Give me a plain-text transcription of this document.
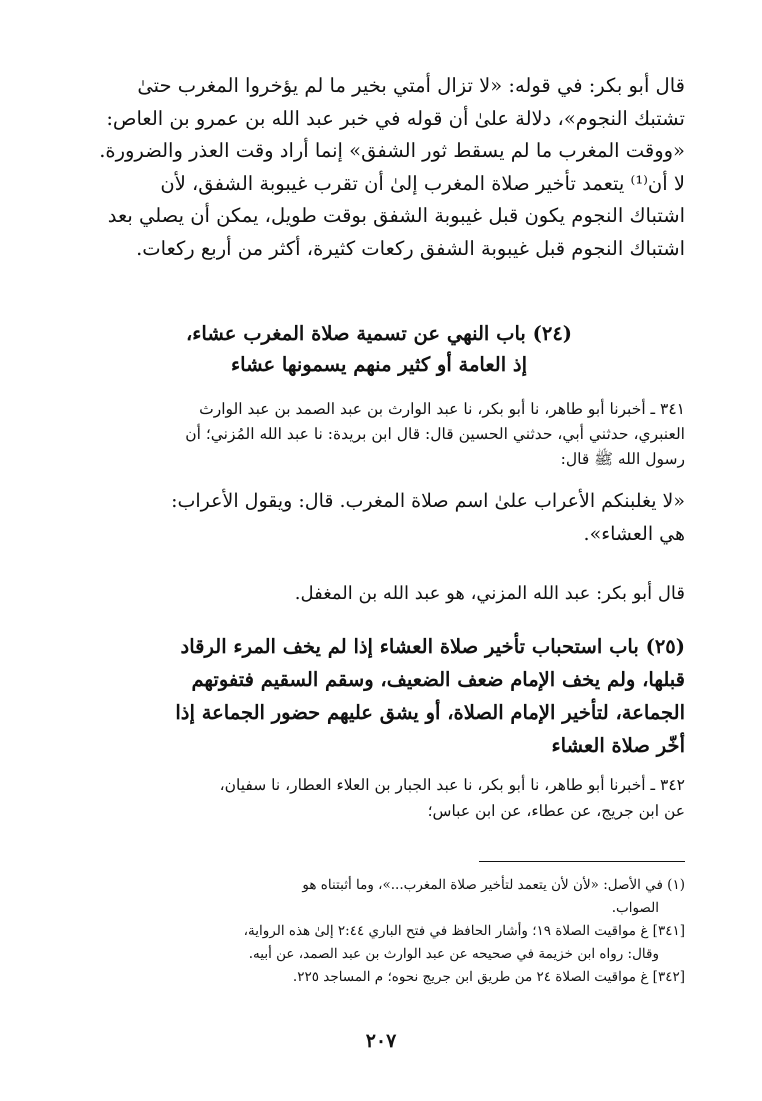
قال أبو بكر: في قوله: «لا تزال أمتي بخير ما لم يؤخروا المغرب حتىٰ
تشتبك النجوم»، دلالة علىٰ أن قوله في خبر عبد الله بن عمرو بن العاص:
«ووقت المغرب ما لم يسقط ثور الشفق» إنما أراد وقت العذر والضرورة.
لا أن⁽¹⁾ يتعمد تأخير صلاة المغرب إلىٰ أن تقرب غيبوبة الشفق، لأن
اشتباك النجوم يكون قبل غيبوبة الشفق بوقت طويل، يمكن أن يصلي بعد
اشتباك النجوم قبل غيبوبة الشفق ركعات كثيرة، أكثر من أربع ركعات.
(٢٤) باب النهي عن تسمية صلاة المغرب عشاء،
إذ العامة أو كثير منهم يسمونها عشاء
٣٤١ ـ أخبرنا أبو طاهر، نا أبو بكر، نا عبد الوارث بن عبد الصمد بن عبد الوارث
العنبري، حدثني أبي، حدثني الحسين قال: قال ابن بريدة: نا عبد الله المُزني؛ أن
رسول الله ﷺ قال:
«لا يغلبنكم الأعراب علىٰ اسم صلاة المغرب. قال: ويقول الأعراب:
هي العشاء».
قال أبو بكر: عبد الله المزني، هو عبد الله بن المغفل.
(٢٥) باب استحباب تأخير صلاة العشاء إذا لم يخف المرء الرقاد
قبلها، ولم يخف الإمام ضعف الضعيف، وسقم السقيم فتفوتهم
الجماعة، لتأخير الإمام الصلاة، أو يشق عليهم حضور الجماعة إذا
أخّر صلاة العشاء
٣٤٢ ـ أخبرنا أبو طاهر، نا أبو بكر، نا عبد الجبار بن العلاء العطار، نا سفيان،
عن ابن جريج، عن عطاء، عن ابن عباس؛
(١) في الأصل: «لأن لأن يتعمد لتأخير صلاة المغرب...»، وما أثبتناه هو
الصواب.
[٣٤١] ﻍ مواقيت الصلاة ١٩؛ وأشار الحافظ في فتح الباري ٢:٤٤ إلىٰ هذه الرواية،
وقال: رواه ابن خزيمة في صحيحه عن عبد الوارث بن عبد الصمد، عن أبيه.
[٣٤٢] ﻍ مواقيت الصلاة ٢٤ من طريق ابن جريج نحوه؛ م المساجد ٢٢٥.
٢٠٧
